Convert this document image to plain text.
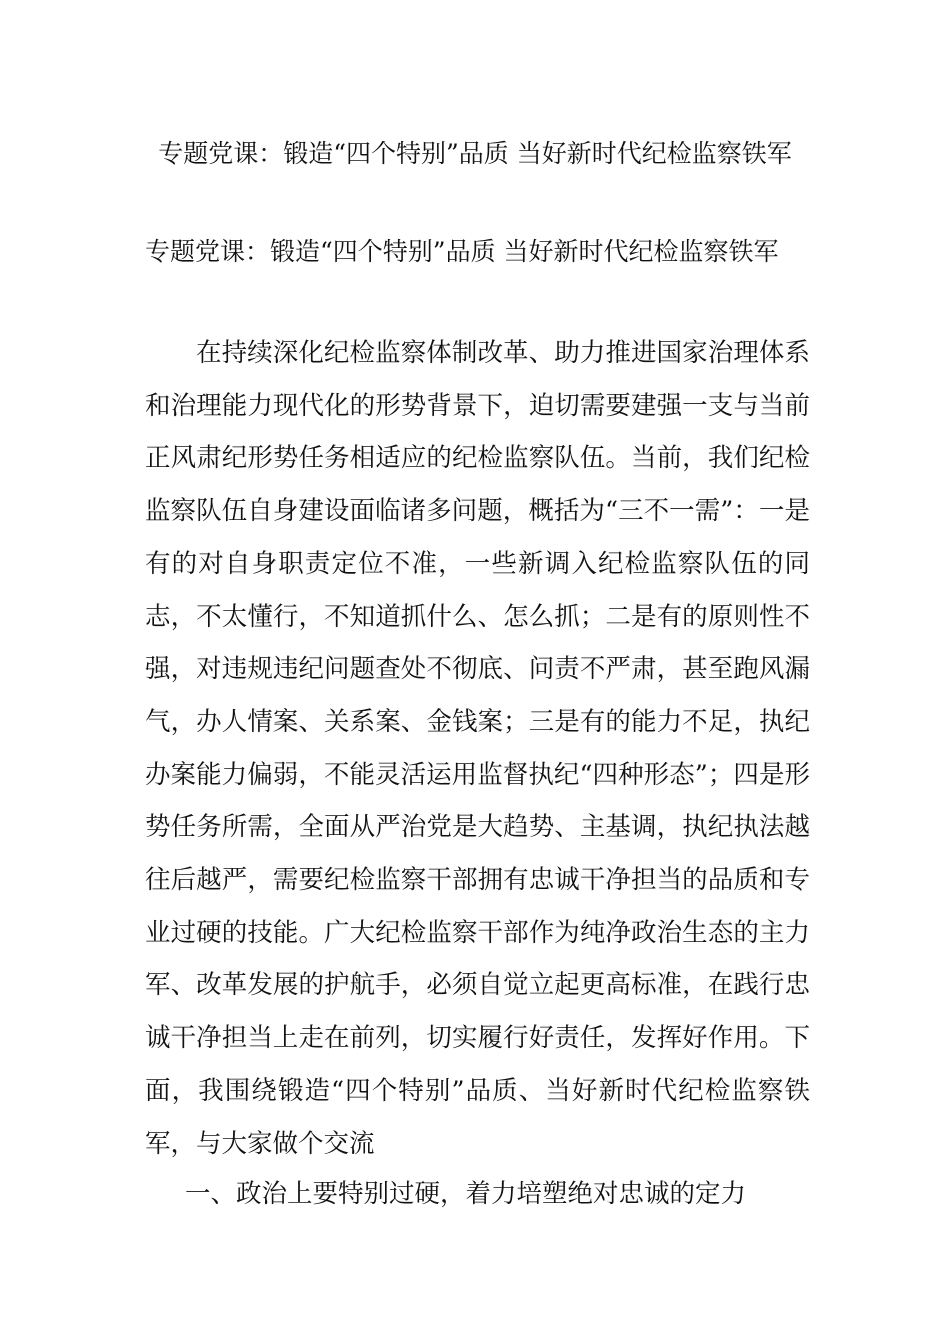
专题党课：锻造“四个特别”品质 当好新时代纪检监察铁军
专题党课：锻造“四个特别”品质 当好新时代纪检监察铁军
在持续深化纪检监察体制改革、助力推进国家治理体系和治理能力现代化的形势背景下，迫切需要建强一支与当前正风肃纪形势任务相适应的纪检监察队伍。当前，我们纪检监察队伍自身建设面临诸多问题，概括为“三不一需”：一是有的对自身职责定位不准，一些新调入纪检监察队伍的同志，不太懂行，不知道抓什么、怎么抓；二是有的原则性不强，对违规违纪问题查处不彻底、问责不严肃，甚至跑风漏气，办人情案、关系案、金钱案；三是有的能力不足，执纪办案能力偏弱，不能灵活运用监督执纪“四种形态”；四是形势任务所需，全面从严治党是大趋势、主基调，执纪执法越往后越严，需要纪检监察干部拥有忠诚干净担当的品质和专业过硬的技能。广大纪检监察干部作为纯净政治生态的主力军、改革发展的护航手，必须自觉立起更高标准，在践行忠诚干净担当上走在前列，切实履行好责任，发挥好作用。下面，我围绕锻造“四个特别”品质、当好新时代纪检监察铁军，与大家做个交流
一、政治上要特别过硬，着力培塑绝对忠诚的定力
